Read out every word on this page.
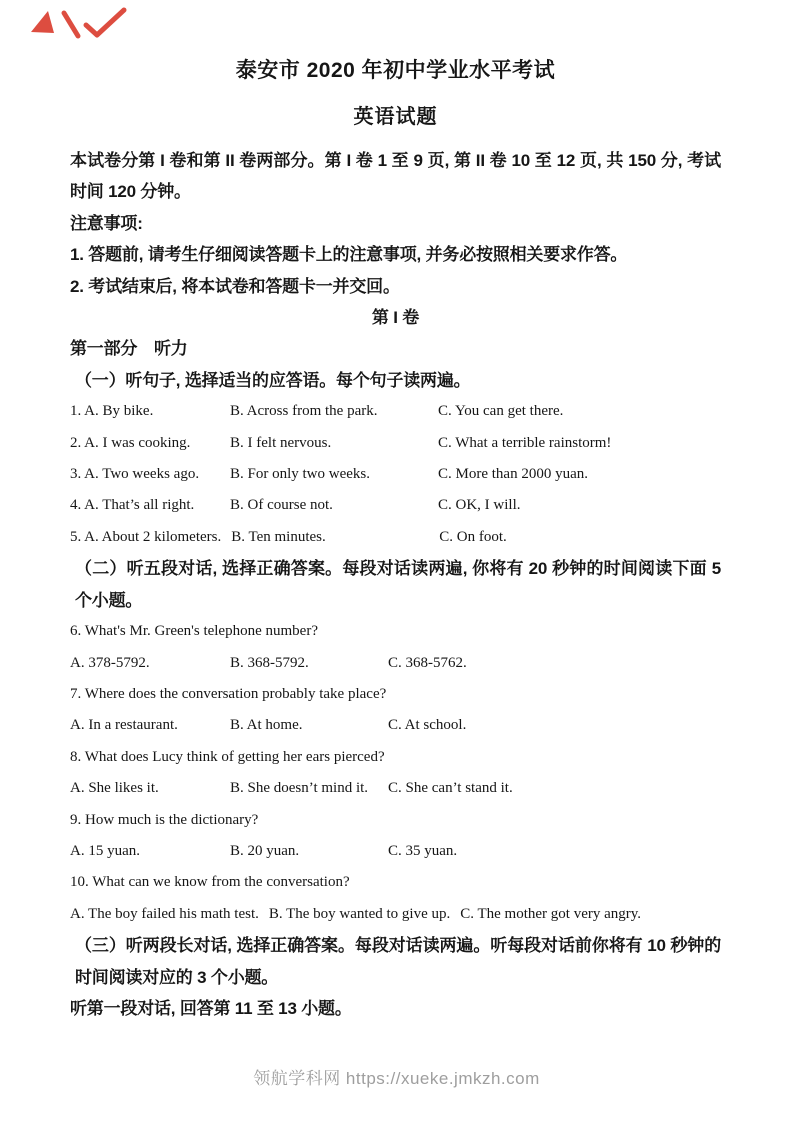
泰安市 2020 年初中学业水平考试
英语试题

本试卷分第 I 卷和第 II 卷两部分。第 I 卷 1 至 9 页, 第 II 卷 10 至 12 页, 共 150 分, 考试时间 120 分钟。

注意事项:

1. 答题前, 请考生仔细阅读答题卡上的注意事项, 并务必按照相关要求作答。

2. 考试结束后, 将本试卷和答题卡一并交回。

第 I 卷

第一部分　听力

（一）听句子, 选择适当的应答语。每个句子读两遍。

1. A. By bike.	B. Across from the park.	C. You can get there.
2. A. I was cooking.	B. I felt nervous.	C. What a terrible rainstorm!
3. A. Two weeks ago. B. For only two weeks.	C. More than 2000 yuan.
4. A. That’s all right. B. Of course not.	C. OK, I will.
5. A. About 2 kilometers. B. Ten minutes.	C. On foot.

（二）听五段对话, 选择正确答案。每段对话读两遍, 你将有 20 秒钟的时间阅读下面 5 个小题。

6. What's Mr. Green's telephone number?
A. 378-5792.	B. 368-5792.	C. 368-5762.
7. Where does the conversation probably take place?
A. In a restaurant.	B. At home.	C. At school.
8. What does Lucy think of getting her ears pierced?
A. She likes it.	B. She doesn’t mind it. C. She can’t stand it.
9. How much is the dictionary?
A. 15 yuan.	B. 20 yuan.	C. 35 yuan.
10. What can we know from the conversation?
A. The boy failed his math test. B. The boy wanted to give up. C. The mother got very angry.

（三）听两段长对话, 选择正确答案。每段对话读两遍。听每段对话前你将有 10 秒钟的时间阅读对应的 3 个小题。

听第一段对话, 回答第 11 至 13 小题。

领航学科网 https://xueke.jmkzh.com
